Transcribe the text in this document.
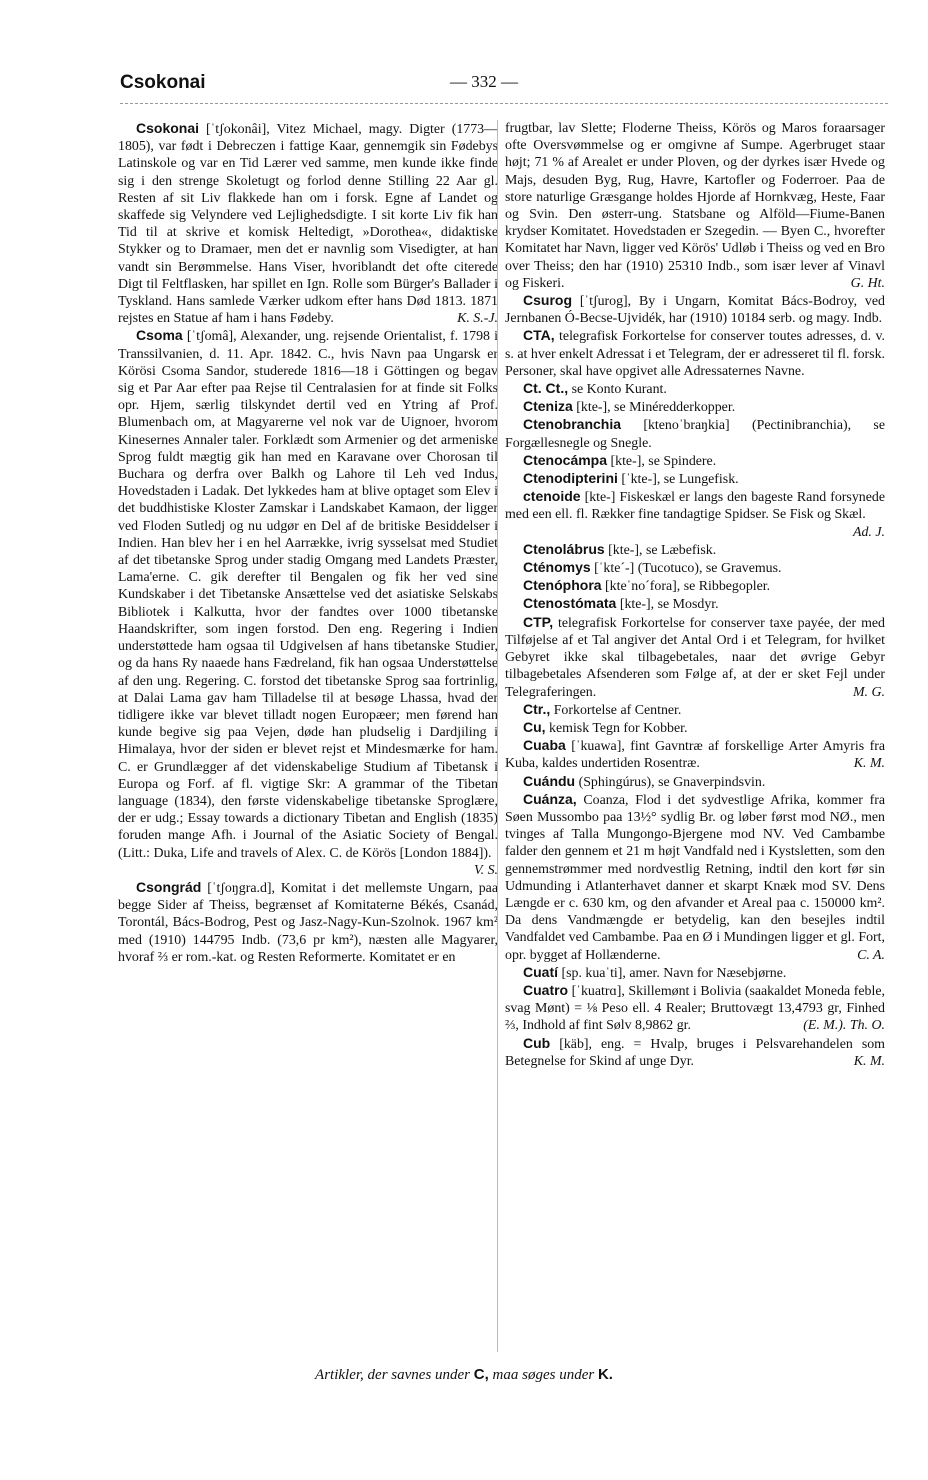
Csokonai	— 332 —

Csokonai [ˈtʃokonâi], Vitez Michael, magy. Digter (1773—1805), var født i Debreczen i fattige Kaar, gennemgik sin Fødebys Latinskole og var en Tid Lærer ved samme, men kunde ikke finde sig i den strenge Skoletugt og forlod denne Stilling 22 Aar gl. Resten af sit Liv flakkede han om i forsk. Egne af Landet og skaffede sig Velyndere ved Lejlighedsdigte. I sit korte Liv fik han Tid til at skrive et komisk Heltedigt, »Dorothea«, didaktiske Stykker og to Dramaer, men det er navnlig som Visedigter, at han vandt sin Berømmelse. Hans Viser, hvoriblandt det ofte citerede Digt til Feltflasken, har spillet en Ign. Rolle som Bürger's Ballader i Tyskland. Hans samlede Værker udkom efter hans Død 1813. 1871 rejstes en Statue af ham i hans Fødeby.	K. S.-J.

Csoma [ˈtʃomâ], Alexander, ung. rejsende Orientalist, f. 1798 i Transsilvanien, d. 11. Apr. 1842. C., hvis Navn paa Ungarsk er Körösi Csoma Sandor, studerede 1816—18 i Göttingen og begav sig et Par Aar efter paa Rejse til Centralasien for at finde sit Folks opr. Hjem, særlig tilskyndet dertil ved en Ytring af Prof. Blumenbach om, at Magyarerne vel nok var de Uignoer, hvorom Kinesernes Annaler taler. Forklædt som Armenier og det armeniske Sprog fuldt mægtig gik han med en Karavane over Chorosan til Buchara og derfra over Balkh og Lahore til Leh ved Indus, Hovedstaden i Ladak. Det lykkedes ham at blive optaget som Elev i det buddhistiske Kloster Zamskar i Landskabet Kamaon, der ligger ved Floden Sutledj og nu udgør en Del af de britiske Besiddelser i Indien. Han blev her i en hel Aarrække, ivrig sysselsat med Studiet af det tibetanske Sprog under stadig Omgang med Landets Præster, Lama'erne. C. gik derefter til Bengalen og fik her ved sine Kundskaber i det Tibetanske Ansættelse ved det asiatiske Selskabs Bibliotek i Kalkutta, hvor der fandtes over 1000 tibetanske Haandskrifter, som ingen forstod. Den eng. Regering i Indien understøttede ham ogsaa til Udgivelsen af hans tibetanske Studier, og da hans Ry naaede hans Fædreland, fik han ogsaa Understøttelse af den ung. Regering. C. forstod det tibetanske Sprog saa fortrinlig, at Dalai Lama gav ham Tilladelse til at besøge Lhassa, hvad der tidligere ikke var blevet tilladt nogen Europæer; men førend han kunde begive sig paa Vejen, døde han pludselig i Dardjiling i Himalaya, hvor der siden er blevet rejst et Mindesmærke for ham. C. er Grundlægger af det videnskabelige Studium af Tibetansk i Europa og Forf. af fl. vigtige Skr: A grammar of the Tibetan language (1834), den første videnskabelige tibetanske Sproglære, der er udg.; Essay towards a dictionary Tibetan and English (1835) foruden mange Afh. i Journal of the Asiatic Society of Bengal. (Litt.: Duka, Life and travels of Alex. C. de Körös [London 1884]).
V. S.

Csongrád [ˈtʃoŋgra.d], Komitat i det mellemste Ungarn, paa begge Sider af Theiss, begrænset af Komitaterne Békés, Csanád, Torontál, Bács-Bodrog, Pest og Jasz-Nagy-Kun-Szolnok. 1967 km² med (1910) 144795 Indb. (73,6 pr km²), næsten alle Magyarer, hvoraf ⅔ er rom.-kat. og Resten Reformerte. Komitatet er en

frugtbar, lav Slette; Floderne Theiss, Körös og Maros foraarsager ofte Oversvømmelse og er omgivne af Sumpe. Agerbruget staar højt; 71 % af Arealet er under Ploven, og der dyrkes især Hvede og Majs, desuden Byg, Rug, Havre, Kartofler og Foderroer. Paa de store naturlige Græsgange holdes Hjorde af Hornkvæg, Heste, Faar og Svin. Den østerr-ung. Statsbane og Alföld—Fiume-Banen krydser Komitatet. Hovedstaden er Szegedin. — Byen C., hvorefter Komitatet har Navn, ligger ved Körös' Udløb i Theiss og ved en Bro over Theiss; den har (1910) 25310 Indb., som især lever af Vinavl og Fiskeri.	G. Ht.

Csurog [ˈtʃurog], By i Ungarn, Komitat Bács-Bodroy, ved Jernbanen Ó-Becse-Ujvidék, har (1910) 10184 serb. og magy. Indb.

CTA, telegrafisk Forkortelse for conserver toutes adresses, d. v. s. at hver enkelt Adressat i et Telegram, der er adresseret til fl. forsk. Personer, skal have opgivet alle Adressaternes Navne.

Ct. Ct., se Konto Kurant.

Cteniza [kte-], se Minéredderkopper.

Ctenobranchia [ktenoˈbraŋkia] (Pectinibranchia), se Forgællesnegle og Snegle.

Ctenocámpa [kte-], se Spindere.

Ctenodipterini [ˈkte-], se Lungefisk.

ctenoide [kte-] Fiskeskæl er langs den bageste Rand forsynede med een ell. fl. Rækker fine tandagtige Spidser. Se Fisk og Skæl.
Ad. J.

Ctenolábrus [kte-], se Læbefisk.

Cténomys [ˈkteˊ-] (Tucotuco), se Gravemus.

Ctenóphora [kteˈnoˊfora], se Ribbegopler.

Ctenostómata [kte-], se Mosdyr.

CTP, telegrafisk Forkortelse for conserver taxe payée, der med Tilføjelse af et Tal angiver det Antal Ord i et Telegram, for hvilket Gebyret ikke skal tilbagebetales, naar det øvrige Gebyr tilbagebetales Afsenderen som Følge af, at der er sket Fejl under Telegraferingen.	M. G.

Ctr., Forkortelse af Centner.

Cu, kemisk Tegn for Kobber.

Cuaba [ˈkuawa], fint Gavntræ af forskellige Arter Amyris fra Kuba, kaldes undertiden Rosentræ.	K. M.

Cuándu (Sphingúrus), se Gnaverpindsvin.

Cuánza, Coanza, Flod i det sydvestlige Afrika, kommer fra Søen Mussombo paa 13½° sydlig Br. og løber først mod NØ., men tvinges af Talla Mungongo-Bjergene mod NV. Ved Cambambe falder den gennem et 21 m højt Vandfald ned i Kystsletten, som den gennemstrømmer med nordvestlig Retning, indtil den kort før sin Udmunding i Atlanterhavet danner et skarpt Knæk mod SV. Dens Længde er c. 630 km, og den afvander et Areal paa c. 150000 km². Da dens Vandmængde er betydelig, kan den besejles indtil Vandfaldet ved Cambambe. Paa en Ø i Mundingen ligger et gl. Fort, opr. bygget af Hollænderne.	C. A.

Cuatí [sp. kuaˈti], amer. Navn for Næsebjørne.

Cuatro [ˈkuatrɑ], Skillemønt i Bolivia (saakaldet Moneda feble, svag Mønt) = ⅛ Peso ell. 4 Realer; Bruttovægt 13,4793 gr, Finhed ⅔, Indhold af fint Sølv 8,9862 gr.	(E. M.). Th. O.

Cub [käb], eng. = Hvalp, bruges i Pelsvarehandelen som Betegnelse for Skind af unge Dyr.	K. M.

Artikler, der savnes under C, maa søges under K.
